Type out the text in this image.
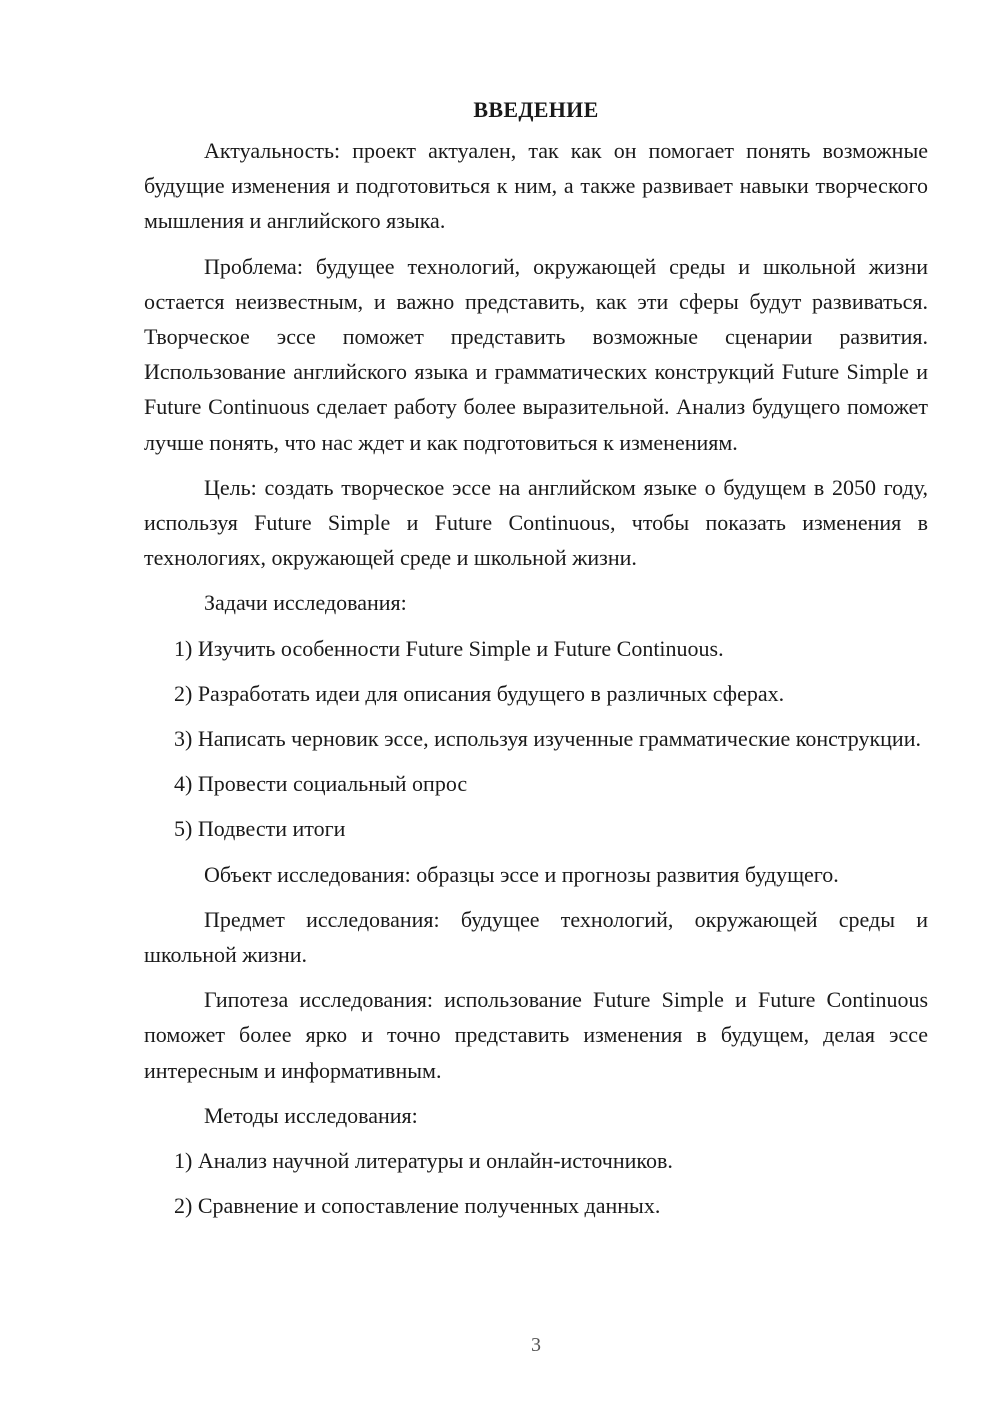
ВВЕДЕНИЕ

Актуальность: проект актуален, так как он помогает понять возможные будущие изменения и подготовиться к ним, а также развивает навыки творческого мышления и английского языка.

Проблема: будущее технологий, окружающей среды и школьной жизни остается неизвестным, и важно представить, как эти сферы будут развиваться. Творческое эссе поможет представить возможные сценарии развития. Использование английского языка и грамматических конструкций Future Simple и Future Continuous сделает работу более выразительной. Анализ будущего поможет лучше понять, что нас ждет и как подготовиться к изменениям.

Цель: создать творческое эссе на английском языке о будущем в 2050 году, используя Future Simple и Future Continuous, чтобы показать изменения в технологиях, окружающей среде и школьной жизни.

Задачи исследования:

1) Изучить особенности Future Simple и Future Continuous.

2) Разработать идеи для описания будущего в различных сферах.

3) Написать черновик эссе, используя изученные грамматические конструкции.

4) Провести социальный опрос

5) Подвести итоги

Объект исследования: образцы эссе и прогнозы развития будущего.

Предмет исследования: будущее технологий, окружающей среды и школьной жизни.

Гипотеза исследования: использование Future Simple и Future Continuous поможет более ярко и точно представить изменения в будущем, делая эссе интересным и информативным.

Методы исследования:

1) Анализ научной литературы и онлайн-источников.

2) Сравнение и сопоставление полученных данных.

3
